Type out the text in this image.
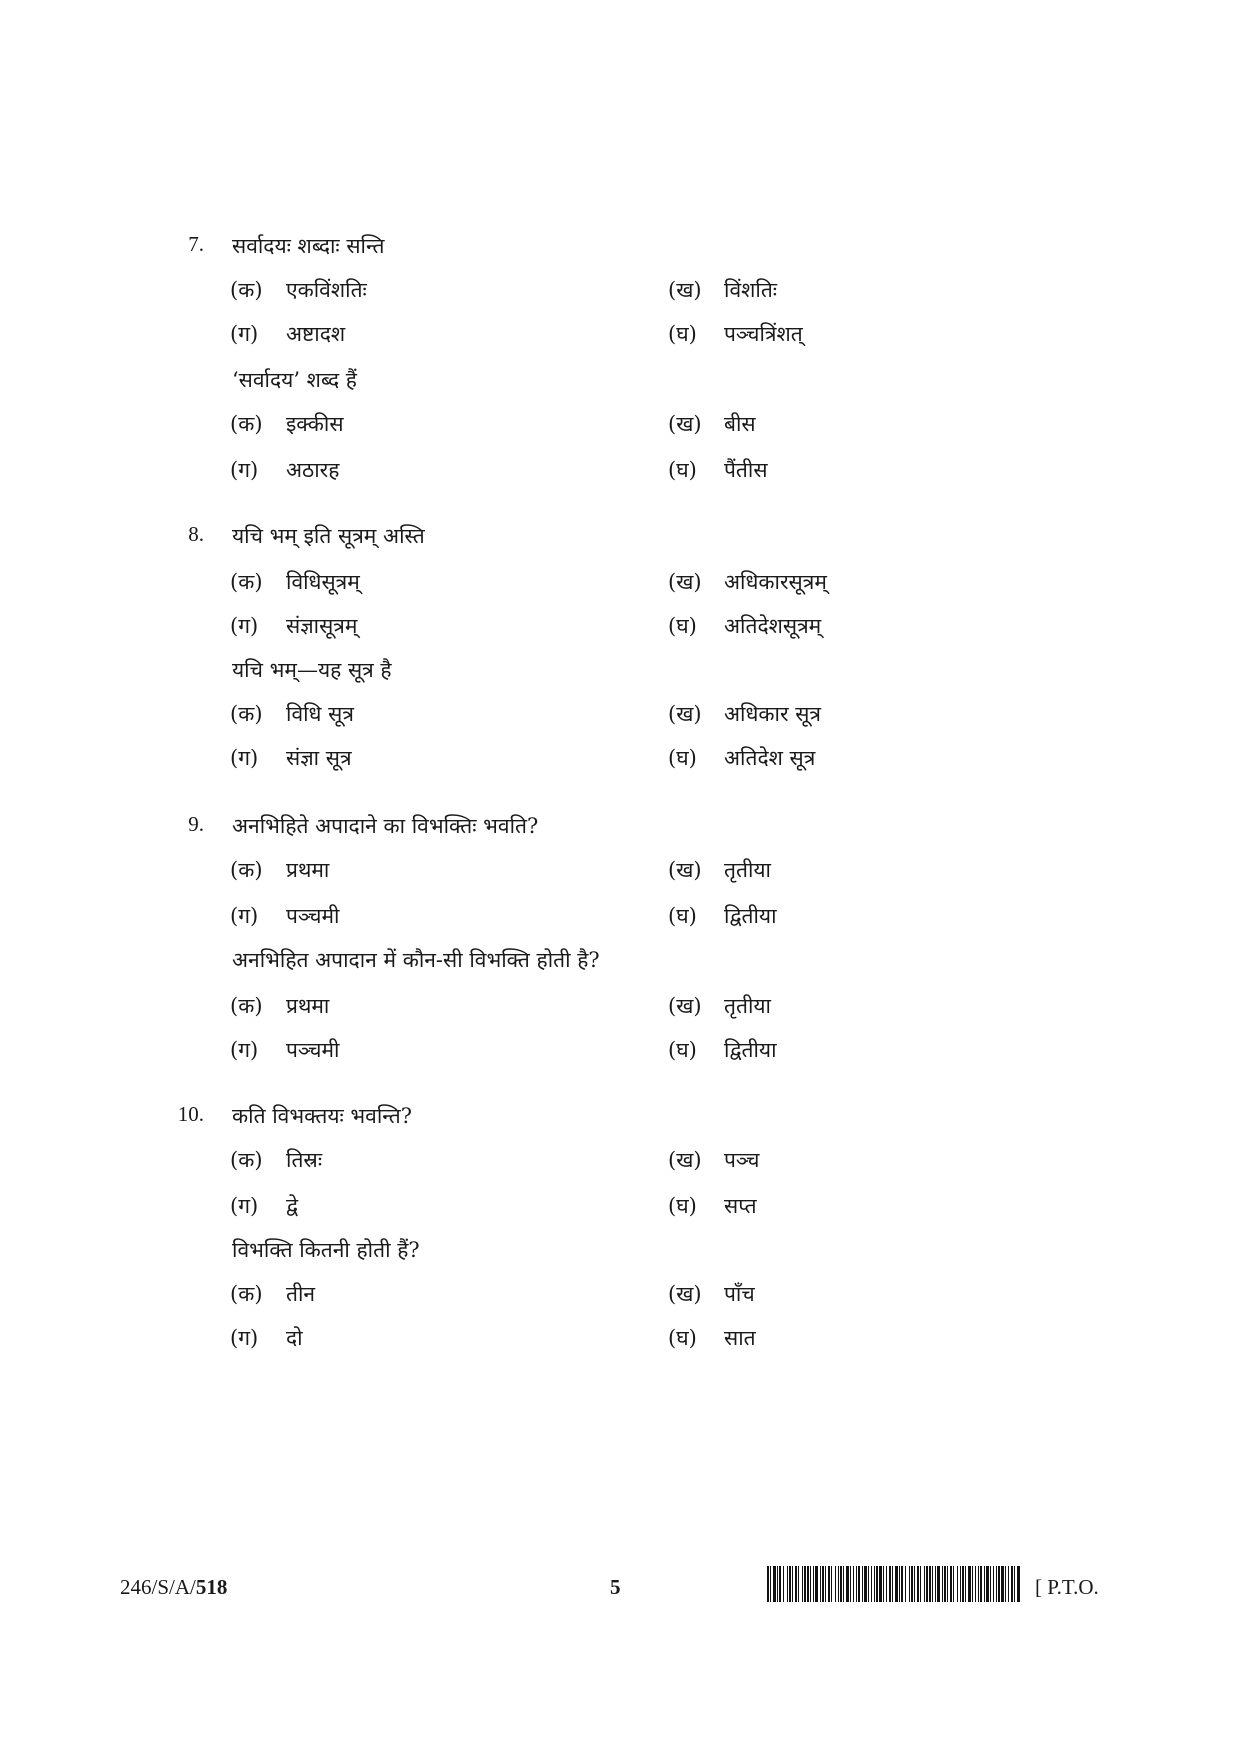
7. सर्वादयः शब्दाः सन्ति
(क) एकविंशतिः	(ख) विंशतिः
(ग) अष्टादश	(घ) पञ्चत्रिंशत्
‘सर्वादय’ शब्द हैं
(क) इक्कीस	(ख) बीस
(ग) अठारह	(घ) पैंतीस
8. यचि भम् इति सूत्रम् अस्ति
(क) विधिसूत्रम्	(ख) अधिकारसूत्रम्
(ग) संज्ञासूत्रम्	(घ) अतिदेशसूत्रम्
यचि भम्—यह सूत्र है
(क) विधि सूत्र	(ख) अधिकार सूत्र
(ग) संज्ञा सूत्र	(घ) अतिदेश सूत्र
9. अनभिहिते अपादाने का विभक्तिः भवति?
(क) प्रथमा	(ख) तृतीया
(ग) पञ्चमी	(घ) द्वितीया
अनभिहित अपादान में कौन-सी विभक्ति होती है?
(क) प्रथमा	(ख) तृतीया
(ग) पञ्चमी	(घ) द्वितीया
10. कति विभक्तयः भवन्ति?
(क) तिस्रः	(ख) पञ्च
(ग) द्वे	(घ) सप्त
विभक्ति कितनी होती हैं?
(क) तीन	(ख) पाँच
(ग) दो	(घ) सात
246/S/A/518	5	[ P.T.O.
